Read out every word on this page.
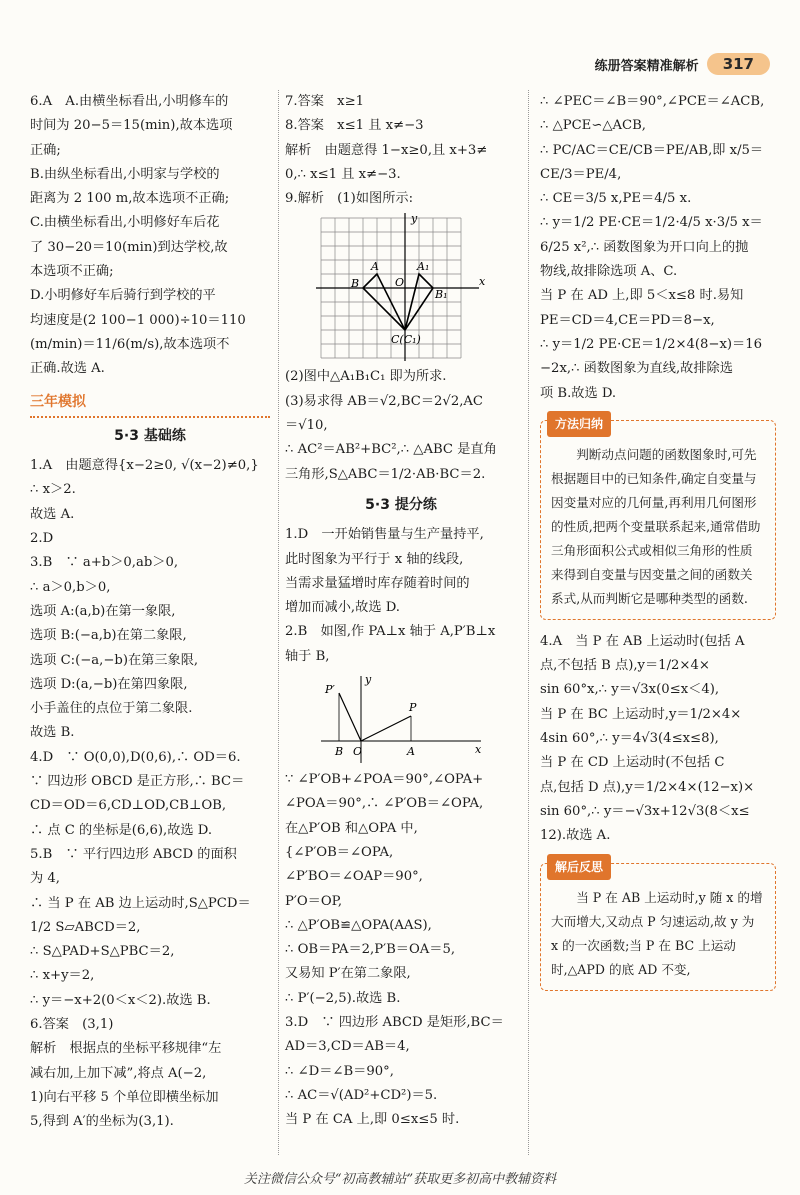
练册答案精准解析	317

6.A　A.由横坐标看出,小明修车的

时间为 20−5＝15(min),故本选项

正确;

B.由纵坐标看出,小明家与学校的

距离为 2 100 m,故本选项不正确;

C.由横坐标看出,小明修好车后花

了 30−20＝10(min)到达学校,故

本选项不正确;

D.小明修好车后骑行到学校的平

均速度是(2 100−1 000)÷10＝110

(m/min)＝11/6(m/s),故本选项不

正确.故选 A.

三年模拟
5·3 基础练

1.A　由题意得{x−2≥0, √(x−2)≠0,} ∴ x＞2.

故选 A.

2.D

3.B　∵ a+b＞0,ab＞0,

∴ a＞0,b＞0,

选项 A:(a,b)在第一象限,

选项 B:(−a,b)在第二象限,

选项 C:(−a,−b)在第三象限,

选项 D:(a,−b)在第四象限,

小手盖住的点位于第二象限.

故选 B.

4.D　∵ O(0,0),D(0,6),∴ OD＝6.

∵ 四边形 OBCD 是正方形,∴ BC＝

CD＝OD＝6,CD⊥OD,CB⊥OB,

∴ 点 C 的坐标是(6,6),故选 D.

5.B　∵ 平行四边形 ABCD 的面积

为 4,

∴ 当 P 在 AB 边上运动时,S△PCD＝

1/2 S▱ABCD＝2,

∴ S△PAD+S△PBC＝2,

∴ x+y＝2,

∴ y＝−x+2(0＜x＜2).故选 B.

6.答案　(3,1)

解析　根据点的坐标平移规律“左

减右加,上加下减”,将点 A(−2,

1)向右平移 5 个单位即横坐标加

5,得到 A′的坐标为(3,1).

7.答案　x≥1

8.答案　x≤1 且 x≠−3

解析　由题意得 1−x≥0,且 x+3≠

0,∴ x≤1 且 x≠−3.

9.解析　(1)如图所示:

y
x
A	A₁
B
B₁
O
C(C₁)

(2)图中△A₁B₁C₁ 即为所求.

(3)易求得 AB＝√2,BC＝2√2,AC

＝√10,

∴ AC²＝AB²+BC²,∴ △ABC 是直角

三角形,S△ABC＝1/2·AB·BC＝2.

5·3 提分练

1.D　一开始销售量与生产量持平,

此时图象为平行于 x 轴的线段,

当需求量猛增时库存随着时间的

增加而减小,故选 D.

2.B　如图,作 PA⊥x 轴于 A,P′B⊥x

轴于 B,

y
x
P
P′
B O	A

∵ ∠P′OB+∠POA＝90°,∠OPA+

∠POA＝90°,∴ ∠P′OB＝∠OPA,

在△P′OB 和△OPA 中,

{∠P′OB＝∠OPA,

∠P′BO＝∠OAP＝90°,

P′O＝OP,

∴ △P′OB≌△OPA(AAS),

∴ OB＝PA＝2,P′B＝OA＝5,

又易知 P′在第二象限,

∴ P′(−2,5).故选 B.

3.D　∵ 四边形 ABCD 是矩形,BC＝

AD＝3,CD＝AB＝4,

∴ ∠D＝∠B＝90°,

∴ AC＝√(AD²+CD²)＝5.

当 P 在 CA 上,即 0≤x≤5 时.

∴ ∠PEC＝∠B＝90°,∠PCE＝∠ACB,

∴ △PCE∽△ACB,

∴ PC/AC＝CE/CB＝PE/AB,即 x/5＝CE/3＝PE/4,

∴ CE＝3/5 x,PE＝4/5 x.

∴ y＝1/2 PE·CE＝1/2·4/5 x·3/5 x＝

6/25 x²,∴ 函数图象为开口向上的抛

物线,故排除选项 A、C.

当 P 在 AD 上,即 5＜x≤8 时.易知

PE＝CD＝4,CE＝PD＝8−x,

∴ y＝1/2 PE·CE＝1/2×4(8−x)＝16

−2x,∴ 函数图象为直线,故排除选

项 B.故选 D.

方法归纳
判断动点问题的函数图象时,可先根据题目中的已知条件,确定自变量与因变量对应的几何量,再利用几何图形的性质,把两个变量联系起来,通常借助三角形面积公式或相似三角形的性质来得到自变量与因变量之间的函数关系式,从而判断它是哪种类型的函数.

4.A　当 P 在 AB 上运动时(包括 A

点,不包括 B 点),y＝1/2×4×

sin 60°x,∴ y＝√3x(0≤x＜4),

当 P 在 BC 上运动时,y＝1/2×4×

4sin 60°,∴ y＝4√3(4≤x≤8),

当 P 在 CD 上运动时(不包括 C

点,包括 D 点),y＝1/2×4×(12−x)×

sin 60°,∴ y＝−√3x+12√3(8＜x≤

12).故选 A.

解后反思
当 P 在 AB 上运动时,y 随 x 的增大而增大,又动点 P 匀速运动,故 y 为 x 的一次函数;当 P 在 BC 上运动时,△APD 的底 AD 不变,
关注微信公众号“初高教辅站”获取更多初高中教辅资料
